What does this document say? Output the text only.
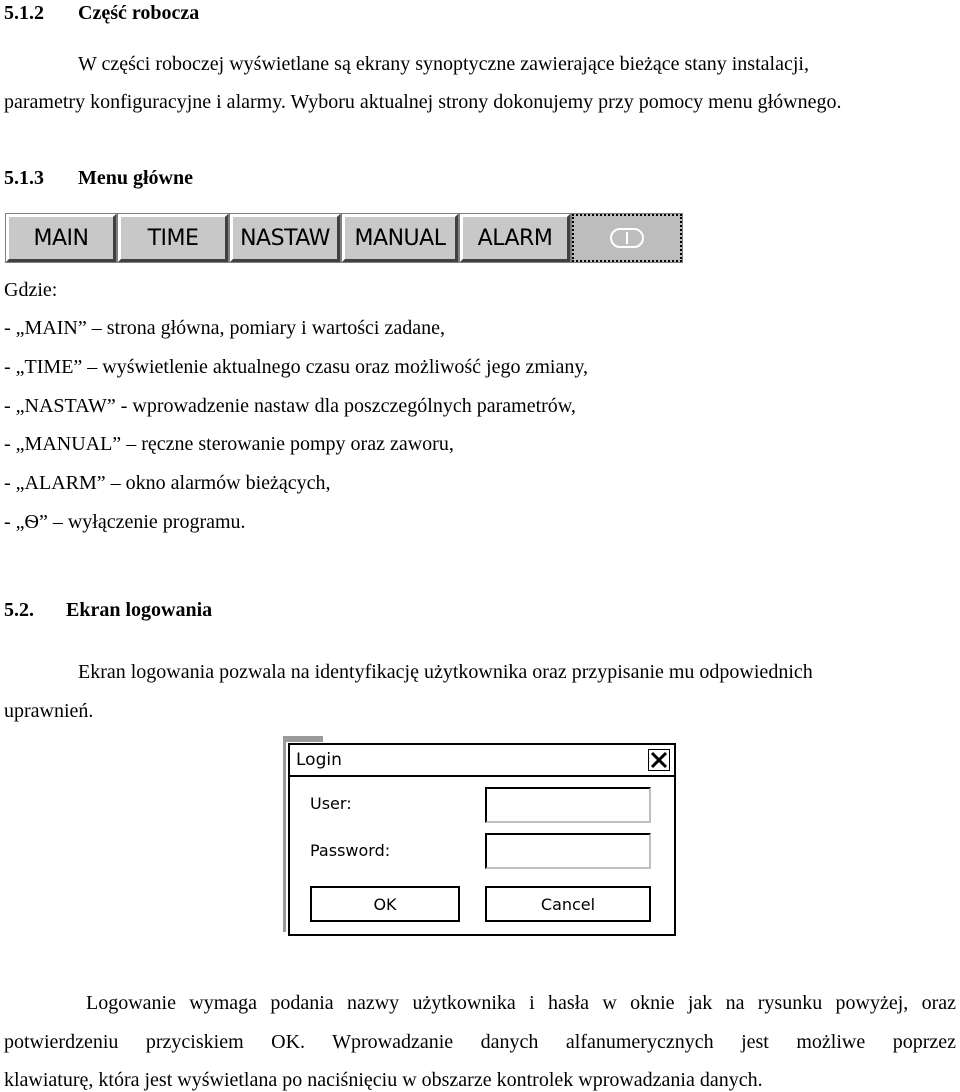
5.1.2 Część robocza
W części roboczej wyświetlane są ekrany synoptyczne zawierające bieżące stany instalacji,
parametry konfiguracyjne i alarmy. Wyboru aktualnej strony dokonujemy przy pomocy menu głównego.
5.1.3 Menu główne
MAIN	TIME	NASTAW	MANUAL	ALARM
Gdzie:
- „MAIN” – strona główna, pomiary i wartości zadane,
- „TIME” – wyświetlenie aktualnego czasu oraz możliwość jego zmiany,
- „NASTAW” - wprowadzenie nastaw dla poszczególnych parametrów,
- „MANUAL” – ręczne sterowanie pompy oraz zaworu,
- „ALARM” – okno alarmów bieżących,
- „Ѳ” – wyłączenie programu.
5.2. Ekran logowania
Ekran logowania pozwala na identyfikację użytkownika oraz przypisanie mu odpowiednich
uprawnień.
Login
User:
Password:
OK	Cancel
Logowanie wymaga podania nazwy użytkownika i hasła w oknie jak na rysunku powyżej, oraz
potwierdzeniu przyciskiem OK. Wprowadzanie danych alfanumerycznych jest możliwe poprzez
klawiaturę, która jest wyświetlana po naciśnięciu w obszarze kontrolek wprowadzania danych.
